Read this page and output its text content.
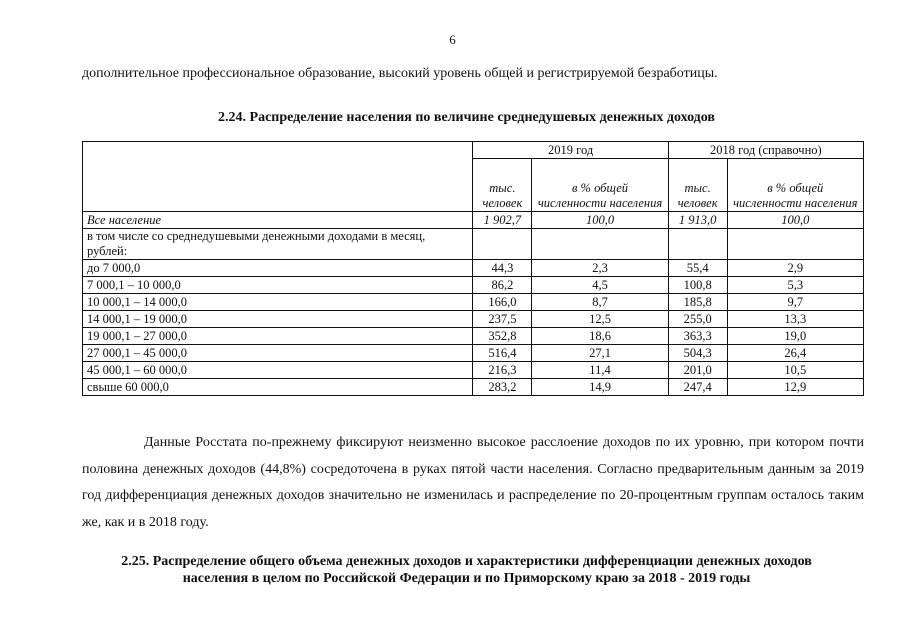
6
дополнительное профессиональное образование, высокий уровень общей и регистрируемой безработицы.
2.24. Распределение населения по величине среднедушевых денежных доходов
	2019 год		2018 год (справочно)	
	тыс. человек	в % общей численности населения	тыс. человек	в % общей численности населения
Все население	1 902,7	100,0	1 913,0	100,0
в том числе со среднедушевыми денежными доходами в месяц, рублей:				
до 7 000,0	44,3	2,3	55,4	2,9
7 000,1 – 10 000,0	86,2	4,5	100,8	5,3
10 000,1 – 14 000,0	166,0	8,7	185,8	9,7
14 000,1 – 19 000,0	237,5	12,5	255,0	13,3
19 000,1 – 27 000,0	352,8	18,6	363,3	19,0
27 000,1 – 45 000,0	516,4	27,1	504,3	26,4
45 000,1 – 60 000,0	216,3	11,4	201,0	10,5
свыше 60 000,0	283,2	14,9	247,4	12,9
Данные Росстата по-прежнему фиксируют неизменно высокое расслоение доходов по их уровню, при котором почти половина денежных доходов (44,8%) сосредоточена в руках пятой части населения. Согласно предварительным данным за 2019 год дифференциация денежных доходов значительно не изменилась и распределение по 20-процентным группам осталось таким же, как и в 2018 году.
2.25. Распределение общего объема денежных доходов и характеристики дифференциации денежных доходов
населения в целом по Российской Федерации и по Приморскому краю за 2018 - 2019 годы
